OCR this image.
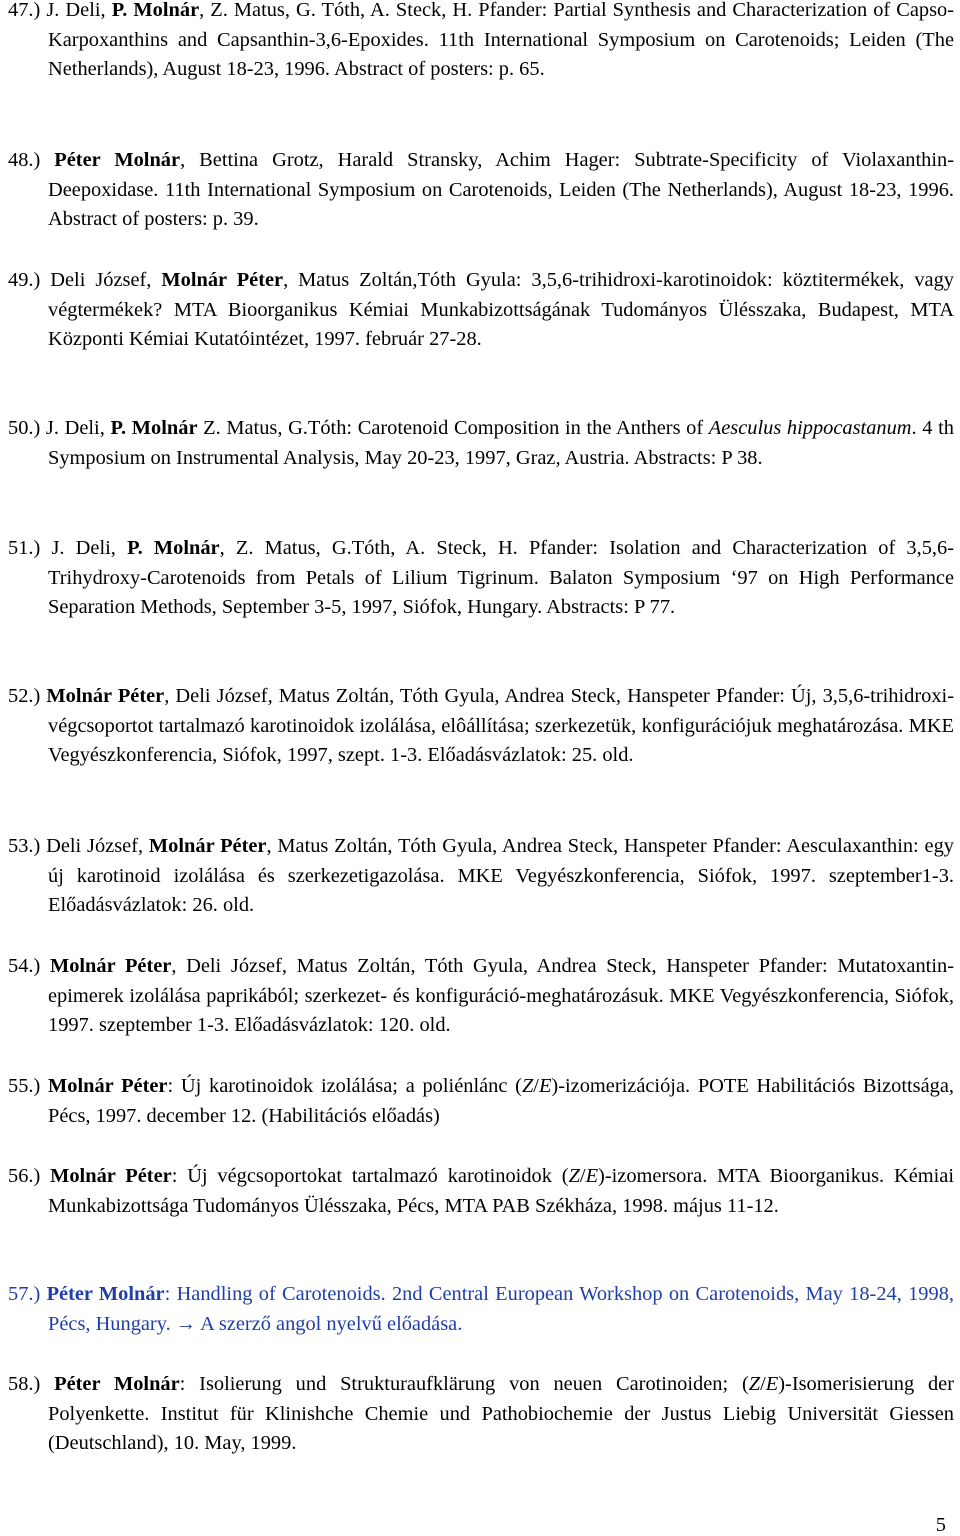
47.) J. Deli, P. Molnár, Z. Matus, G. Tóth, A. Steck, H. Pfander: Partial Synthesis and Characterization of Capso-Karpoxanthins and Capsanthin-3,6-Epoxides. 11th International Symposium on Carotenoids; Leiden (The Netherlands), August 18-23, 1996. Abstract of posters: p. 65.
48.) Péter Molnár, Bettina Grotz, Harald Stransky, Achim Hager: Subtrate-Specificity of Violaxanthin-Deepoxidase. 11th International Symposium on Carotenoids, Leiden (The Netherlands), August 18-23, 1996. Abstract of posters: p. 39.
49.) Deli József, Molnár Péter, Matus Zoltán,Tóth Gyula: 3,5,6-trihidroxi-karotinoidok: köztitermékek, vagy végtermékek? MTA Bioorganikus Kémiai Munkabizottságának Tudományos Ülésszaka, Budapest, MTA Központi Kémiai Kutatóintézet, 1997. február 27-28.
50.) J. Deli, P. Molnár Z. Matus, G.Tóth: Carotenoid Composition in the Anthers of Aesculus hippocastanum. 4 th Symposium on Instrumental Analysis, May 20-23, 1997, Graz, Austria. Abstracts: P 38.
51.) J. Deli, P. Molnár, Z. Matus, G.Tóth, A. Steck, H. Pfander: Isolation and Characterization of 3,5,6-Trihydroxy-Carotenoids from Petals of Lilium Tigrinum. Balaton Symposium ‘97 on High Performance Separation Methods, September 3-5, 1997, Siófok, Hungary. Abstracts: P 77.
52.) Molnár Péter, Deli József, Matus Zoltán, Tóth Gyula, Andrea Steck, Hanspeter Pfander: Új, 3,5,6-trihidroxi-végcsoportot tartalmazó karotinoidok izolálása, elôállítása; szerkezetük, konfigurációjuk meghatározása. MKE Vegyészkonferencia, Siófok, 1997, szept. 1-3. Előadásvázlatok: 25. old.
53.) Deli József, Molnár Péter, Matus Zoltán, Tóth Gyula, Andrea Steck, Hanspeter Pfander: Aesculaxanthin: egy új karotinoid izolálása és szerkezetigazolása. MKE Vegyészkonferencia, Siófok, 1997. szeptember1-3. Előadásvázlatok: 26. old.
54.) Molnár Péter, Deli József, Matus Zoltán, Tóth Gyula, Andrea Steck, Hanspeter Pfander: Mutatoxantin-epimerek izolálása paprikából; szerkezet- és konfiguráció-meghatározásuk. MKE Vegyészkonferencia, Siófok, 1997. szeptember 1-3. Előadásvázlatok: 120. old.
55.) Molnár Péter: Új karotinoidok izolálása; a poliénlánc (Z/E)-izomerizációja. POTE Habilitációs Bizottsága, Pécs, 1997. december 12. (Habilitációs előadás)
56.) Molnár Péter: Új végcsoportokat tartalmazó karotinoidok (Z/E)-izomersora. MTA Bioorganikus. Kémiai Munkabizottsága Tudományos Ülésszaka, Pécs, MTA PAB Székháza, 1998. május 11-12.
57.) Péter Molnár: Handling of Carotenoids. 2nd Central European Workshop on Carotenoids, May 18-24, 1998, Pécs, Hungary. → A szerző angol nyelvű előadása.
58.) Péter Molnár: Isolierung und Strukturaufklärung von neuen Carotinoiden; (Z/E)-Isomerisierung der Polyenkette. Institut für Klinishche Chemie und Pathobiochemie der Justus Liebig Universität Giessen (Deutschland), 10. May, 1999.
5
